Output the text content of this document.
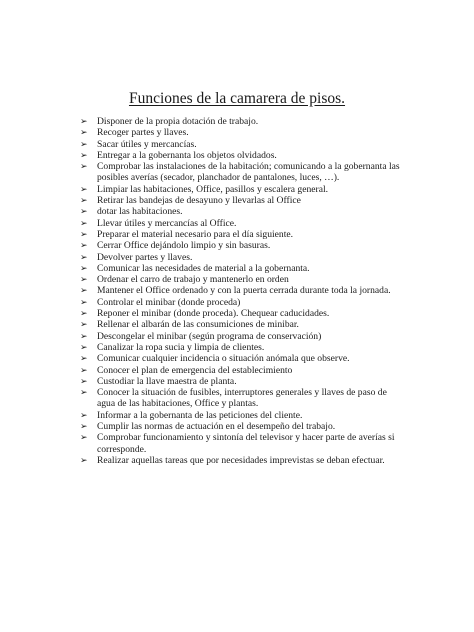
Funciones de la camarera de pisos.
➢ Disponer de la propia dotación de trabajo.
➢ Recoger partes y llaves.
➢ Sacar útiles y mercancías.
➢ Entregar a la gobernanta los objetos olvidados.
➢ Comprobar las instalaciones de la habitación; comunicando a la gobernanta las posibles averías (secador, planchador de pantalones, luces, …).
➢ Limpiar las habitaciones, Office, pasillos y escalera general.
➢ Retirar las bandejas de desayuno y llevarlas al Office
➢ dotar las habitaciones.
➢ Llevar útiles y mercancías al Office.
➢ Preparar el material necesario para el día siguiente.
➢ Cerrar Office dejándolo limpio y sin basuras.
➢ Devolver partes y llaves.
➢ Comunicar las necesidades de material a la gobernanta.
➢ Ordenar el carro de trabajo y mantenerlo en orden
➢ Mantener el Office ordenado y con la puerta cerrada durante toda la jornada.
➢ Controlar el minibar (donde proceda)
➢ Reponer el minibar (donde proceda). Chequear caducidades.
➢ Rellenar el albarán de las consumiciones de minibar.
➢ Descongelar el minibar (según programa de conservación)
➢ Canalizar la ropa sucia y limpia de clientes.
➢ Comunicar cualquier incidencia o situación anómala que observe.
➢ Conocer el plan de emergencia del establecimiento
➢ Custodiar la llave maestra de planta.
➢ Conocer la situación de fusibles, interruptores generales y llaves de paso de agua de las habitaciones, Office y plantas.
➢ Informar a la gobernanta de las peticiones del cliente.
➢ Cumplir las normas de actuación en el desempeño del trabajo.
➢ Comprobar funcionamiento y sintonía del televisor y hacer parte de averías si corresponde.
➢ Realizar aquellas tareas que por necesidades imprevistas se deban efectuar.
